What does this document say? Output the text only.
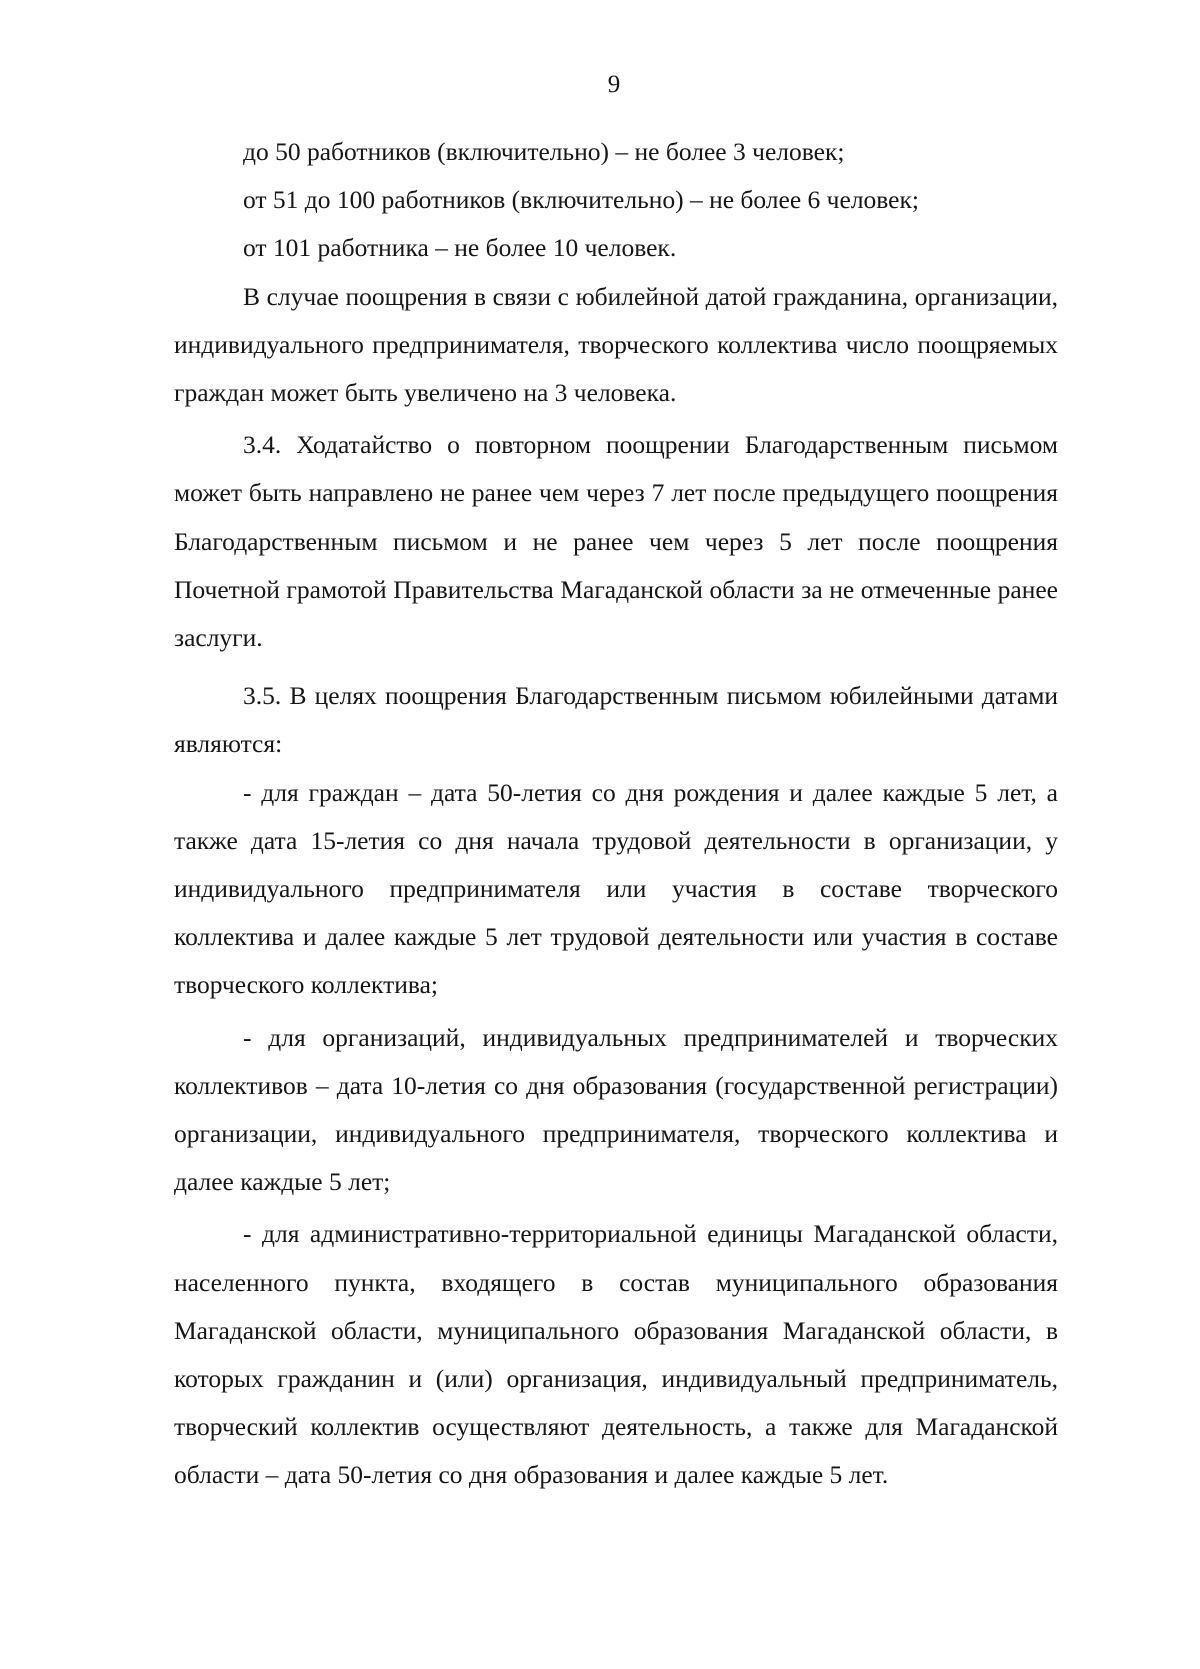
9

до 50 работников (включительно) – не более 3 человек;

от 51 до 100 работников (включительно) – не более 6 человек;

от 101 работника – не более 10 человек.

В случае поощрения в связи с юбилейной датой гражданина, организации, индивидуального предпринимателя, творческого коллектива число поощряемых граждан может быть увеличено на 3 человека.

3.4. Ходатайство о повторном поощрении Благодарственным письмом может быть направлено не ранее чем через 7 лет после предыдущего поощрения Благодарственным письмом и не ранее чем через 5 лет после поощрения Почетной грамотой Правительства Магаданской области за не отмеченные ранее заслуги.

3.5. В целях поощрения Благодарственным письмом юбилейными датами являются:

- для граждан – дата 50-летия со дня рождения и далее каждые 5 лет, а также дата 15-летия со дня начала трудовой деятельности в организации, у индивидуального предпринимателя или участия в составе творческого коллектива и далее каждые 5 лет трудовой деятельности или участия в составе творческого коллектива;

- для организаций, индивидуальных предпринимателей и творческих коллективов – дата 10-летия со дня образования (государственной регистрации) организации, индивидуального предпринимателя, творческого коллектива и далее каждые 5 лет;

- для административно-территориальной единицы Магаданской области, населенного пункта, входящего в состав муниципального образования Магаданской области, муниципального образования Магаданской области, в которых гражданин и (или) организация, индивидуальный предприниматель, творческий коллектив осуществляют деятельность, а также для Магаданской области – дата 50-летия со дня образования и далее каждые 5 лет.
